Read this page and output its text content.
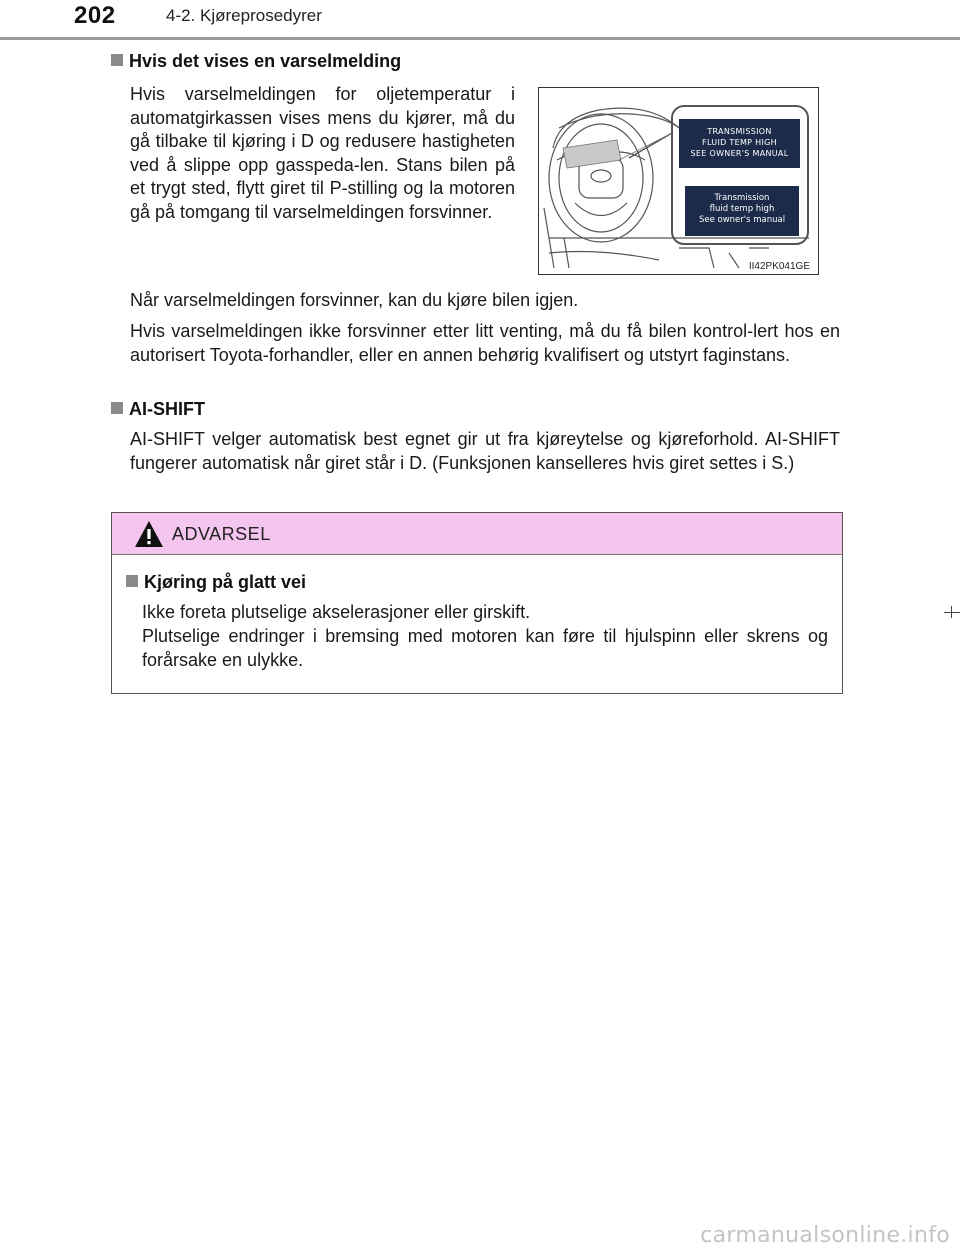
202	4-2. Kjøreprosedyrer
Hvis det vises en varselmelding

Hvis varselmeldingen for oljetemperatur i automatgirkassen vises mens du kjører, må du gå tilbake til kjøring i D og redusere hastigheten ved å slippe opp gasspeda-len. Stans bilen på et trygt sted, flytt giret til P-stilling og la motoren gå på tomgang til varselmeldingen forsvinner.

TRANSMISSION
FLUID TEMP HIGH
SEE OWNER'S MANUAL
Transmission
fluid temp high
See owner's manual
II42PK041GE

Når varselmeldingen forsvinner, kan du kjøre bilen igjen.

Hvis varselmeldingen ikke forsvinner etter litt venting, må du få bilen kontrol-lert hos en autorisert Toyota-forhandler, eller en annen behørig kvalifisert og utstyrt faginstans.

AI-SHIFT

AI-SHIFT velger automatisk best egnet gir ut fra kjøreytelse og kjøreforhold. AI-SHIFT fungerer automatisk når giret står i D. (Funksjonen kanselleres hvis giret settes i S.)

ADVARSEL
Kjøring på glatt vei
Ikke foreta plutselige akselerasjoner eller girskift.
Plutselige endringer i bremsing med motoren kan føre til hjulspinn eller skrens og forårsake en ulykke.
carmanualsonline.info
